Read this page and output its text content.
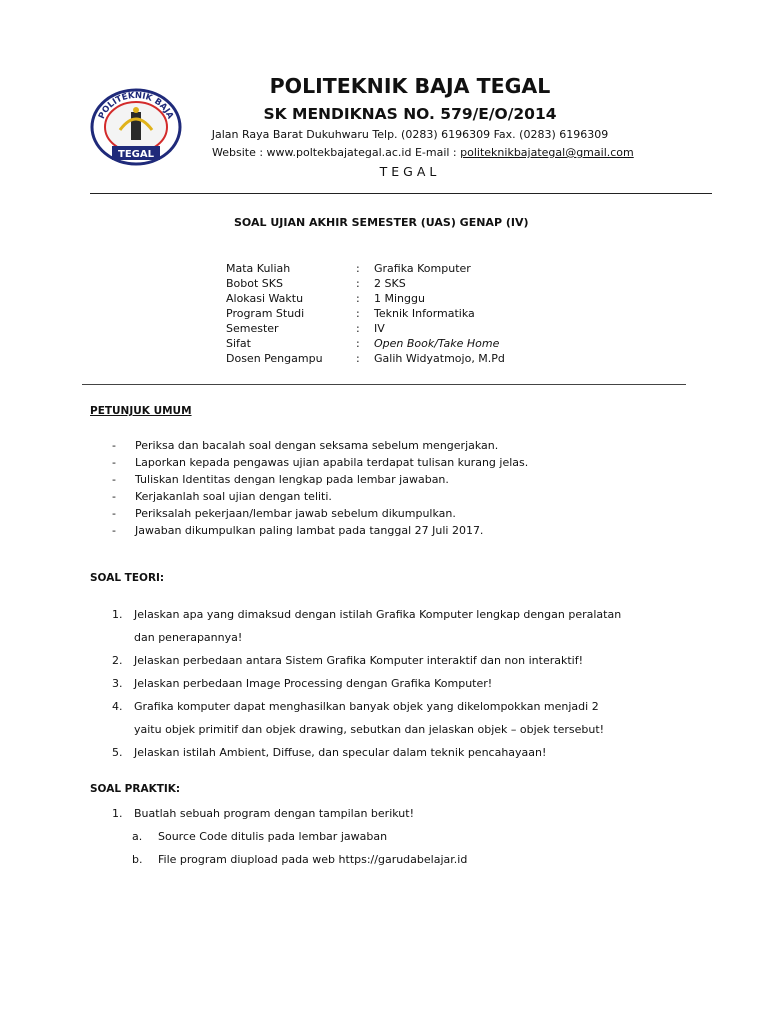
POLITEKNIK BAJA
TEGAL
POLITEKNIK BAJA TEGAL
SK MENDIKNAS NO. 579/E/O/2014
Jalan Raya Barat Dukuhwaru Telp. (0283) 6196309 Fax. (0283) 6196309
Website : www.poltekbajategal.ac.id E-mail : politeknikbajategal@gmail.com
TEGAL
SOAL UJIAN AKHIR SEMESTER (UAS) GENAP (IV)
Mata Kuliah	:	Grafika Komputer
Bobot SKS	:	2 SKS
Alokasi Waktu	:	1 Minggu
Program Studi	:	Teknik Informatika
Semester	:	IV
Sifat	:	Open Book/Take Home
Dosen Pengampu	:	Galih Widyatmojo, M.Pd
PETUNJUK UMUM
-	Periksa dan bacalah soal dengan seksama sebelum mengerjakan.
-	Laporkan kepada pengawas ujian apabila terdapat tulisan kurang jelas.
-	Tuliskan Identitas dengan lengkap pada lembar jawaban.
-	Kerjakanlah soal ujian dengan teliti.
-	Periksalah pekerjaan/lembar jawab sebelum dikumpulkan.
-	Jawaban dikumpulkan paling lambat pada tanggal 27 Juli 2017.
SOAL TEORI:
1.	Jelaskan apa yang dimaksud dengan istilah Grafika Komputer lengkap dengan peralatan
dan penerapannya!
2.	Jelaskan perbedaan antara Sistem Grafika Komputer interaktif dan non interaktif!
3.	Jelaskan perbedaan Image Processing dengan Grafika Komputer!
4.	Grafika komputer dapat menghasilkan banyak objek yang dikelompokkan menjadi 2
yaitu objek primitif dan objek drawing, sebutkan dan jelaskan objek – objek tersebut!
5.	Jelaskan istilah Ambient, Diffuse, dan specular dalam teknik pencahayaan!
SOAL PRAKTIK:
1.	Buatlah sebuah program dengan tampilan berikut!
a.	Source Code ditulis pada lembar jawaban
b.	File program diupload pada web https://garudabelajar.id
